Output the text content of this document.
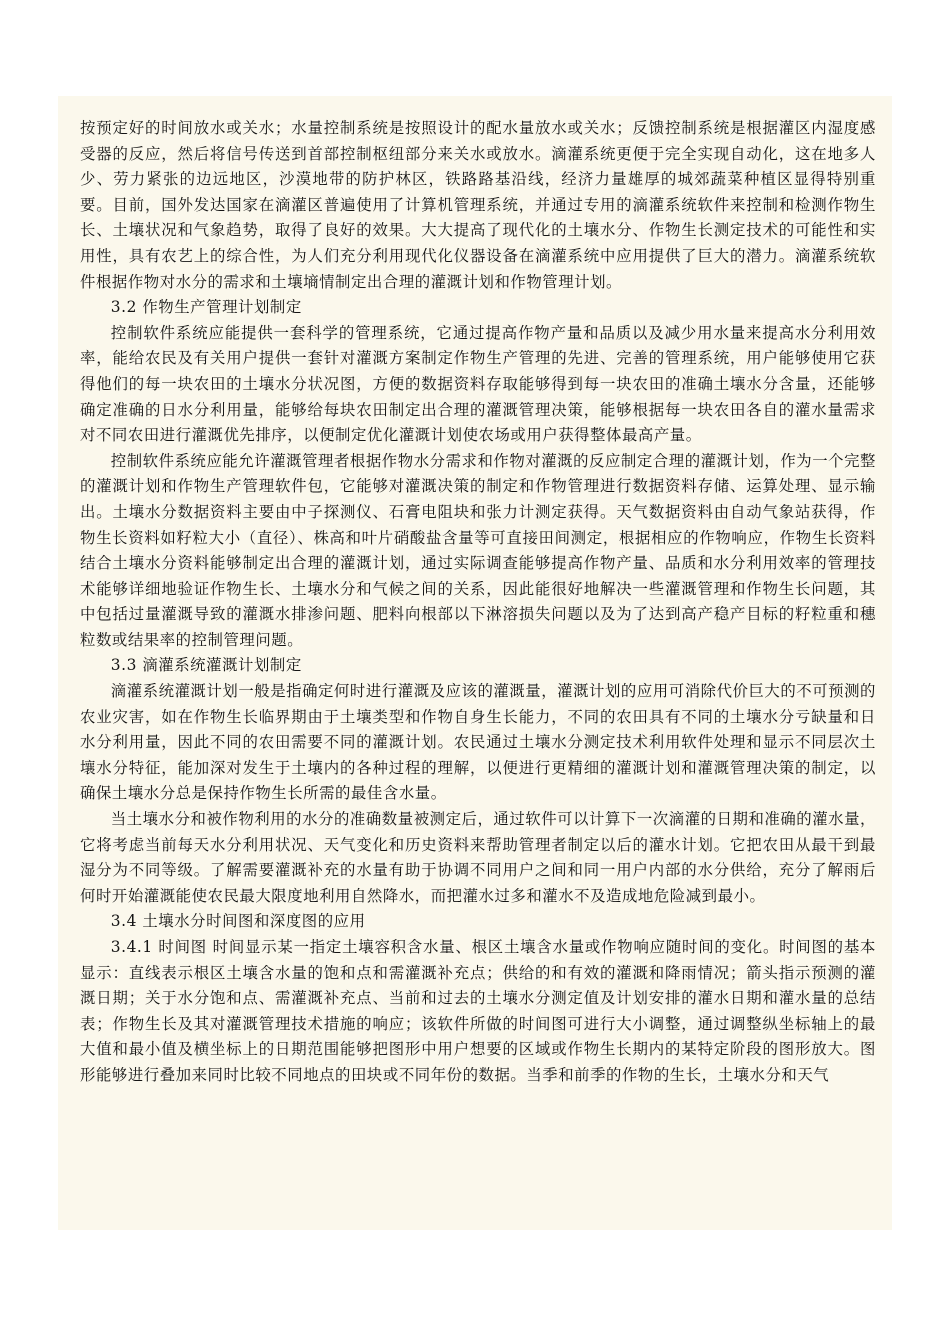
按预定好的时间放水或关水；水量控制系统是按照设计的配水量放水或关水；反馈控制系统是根据灌区内湿度感受器的反应，然后将信号传送到首部控制枢纽部分来关水或放水。滴灌系统更便于完全实现自动化，这在地多人少、劳力紧张的边远地区，沙漠地带的防护林区，铁路路基沿线，经济力量雄厚的城郊蔬菜种植区显得特别重要。目前，国外发达国家在滴灌区普遍使用了计算机管理系统，并通过专用的滴灌系统软件来控制和检测作物生长、土壤状况和气象趋势，取得了良好的效果。大大提高了现代化的土壤水分、作物生长测定技术的可能性和实用性，具有农艺上的综合性，为人们充分利用现代化仪器设备在滴灌系统中应用提供了巨大的潜力。滴灌系统软件根据作物对水分的需求和土壤墒情制定出合理的灌溉计划和作物管理计划。

3.2 作物生产管理计划制定

控制软件系统应能提供一套科学的管理系统，它通过提高作物产量和品质以及减少用水量来提高水分利用效率，能给农民及有关用户提供一套针对灌溉方案制定作物生产管理的先进、完善的管理系统，用户能够使用它获得他们的每一块农田的土壤水分状况图，方便的数据资料存取能够得到每一块农田的准确土壤水分含量，还能够确定准确的日水分利用量，能够给每块农田制定出合理的灌溉管理决策，能够根据每一块农田各自的灌水量需求对不同农田进行灌溉优先排序，以便制定优化灌溉计划使农场或用户获得整体最高产量。

控制软件系统应能允许灌溉管理者根据作物水分需求和作物对灌溉的反应制定合理的灌溉计划，作为一个完整的灌溉计划和作物生产管理软件包，它能够对灌溉决策的制定和作物管理进行数据资料存储、运算处理、显示输出。土壤水分数据资料主要由中子探测仪、石膏电阻块和张力计测定获得。天气数据资料由自动气象站获得，作物生长资料如籽粒大小（直径）、株高和叶片硝酸盐含量等可直接田间测定，根据相应的作物响应，作物生长资料结合土壤水分资料能够制定出合理的灌溉计划，通过实际调查能够提高作物产量、品质和水分利用效率的管理技术能够详细地验证作物生长、土壤水分和气候之间的关系，因此能很好地解决一些灌溉管理和作物生长问题，其中包括过量灌溉导致的灌溉水排渗问题、肥料向根部以下淋溶损失问题以及为了达到高产稳产目标的籽粒重和穗粒数或结果率的控制管理问题。

3.3 滴灌系统灌溉计划制定

滴灌系统灌溉计划一般是指确定何时进行灌溉及应该的灌溉量，灌溉计划的应用可消除代价巨大的不可预测的农业灾害，如在作物生长临界期由于土壤类型和作物自身生长能力，不同的农田具有不同的土壤水分亏缺量和日水分利用量，因此不同的农田需要不同的灌溉计划。农民通过土壤水分测定技术利用软件处理和显示不同层次土壤水分特征，能加深对发生于土壤内的各种过程的理解，以便进行更精细的灌溉计划和灌溉管理决策的制定，以确保土壤水分总是保持作物生长所需的最佳含水量。

当土壤水分和被作物利用的水分的准确数量被测定后，通过软件可以计算下一次滴灌的日期和准确的灌水量，它将考虑当前每天水分利用状况、天气变化和历史资料来帮助管理者制定以后的灌水计划。它把农田从最干到最湿分为不同等级。了解需要灌溉补充的水量有助于协调不同用户之间和同一用户内部的水分供给，充分了解雨后何时开始灌溉能使农民最大限度地利用自然降水，而把灌水过多和灌水不及造成地危险减到最小。

3.4 土壤水分时间图和深度图的应用

3.4.1 时间图 时间显示某一指定土壤容积含水量、根区土壤含水量或作物响应随时间的变化。时间图的基本显示：直线表示根区土壤含水量的饱和点和需灌溉补充点；供给的和有效的灌溉和降雨情况；箭头指示预测的灌溉日期；关于水分饱和点、需灌溉补充点、当前和过去的土壤水分测定值及计划安排的灌水日期和灌水量的总结表；作物生长及其对灌溉管理技术措施的响应；该软件所做的时间图可进行大小调整，通过调整纵坐标轴上的最大值和最小值及横坐标上的日期范围能够把图形中用户想要的区域或作物生长期内的某特定阶段的图形放大。图形能够进行叠加来同时比较不同地点的田块或不同年份的数据。当季和前季的作物的生长，土壤水分和天气
